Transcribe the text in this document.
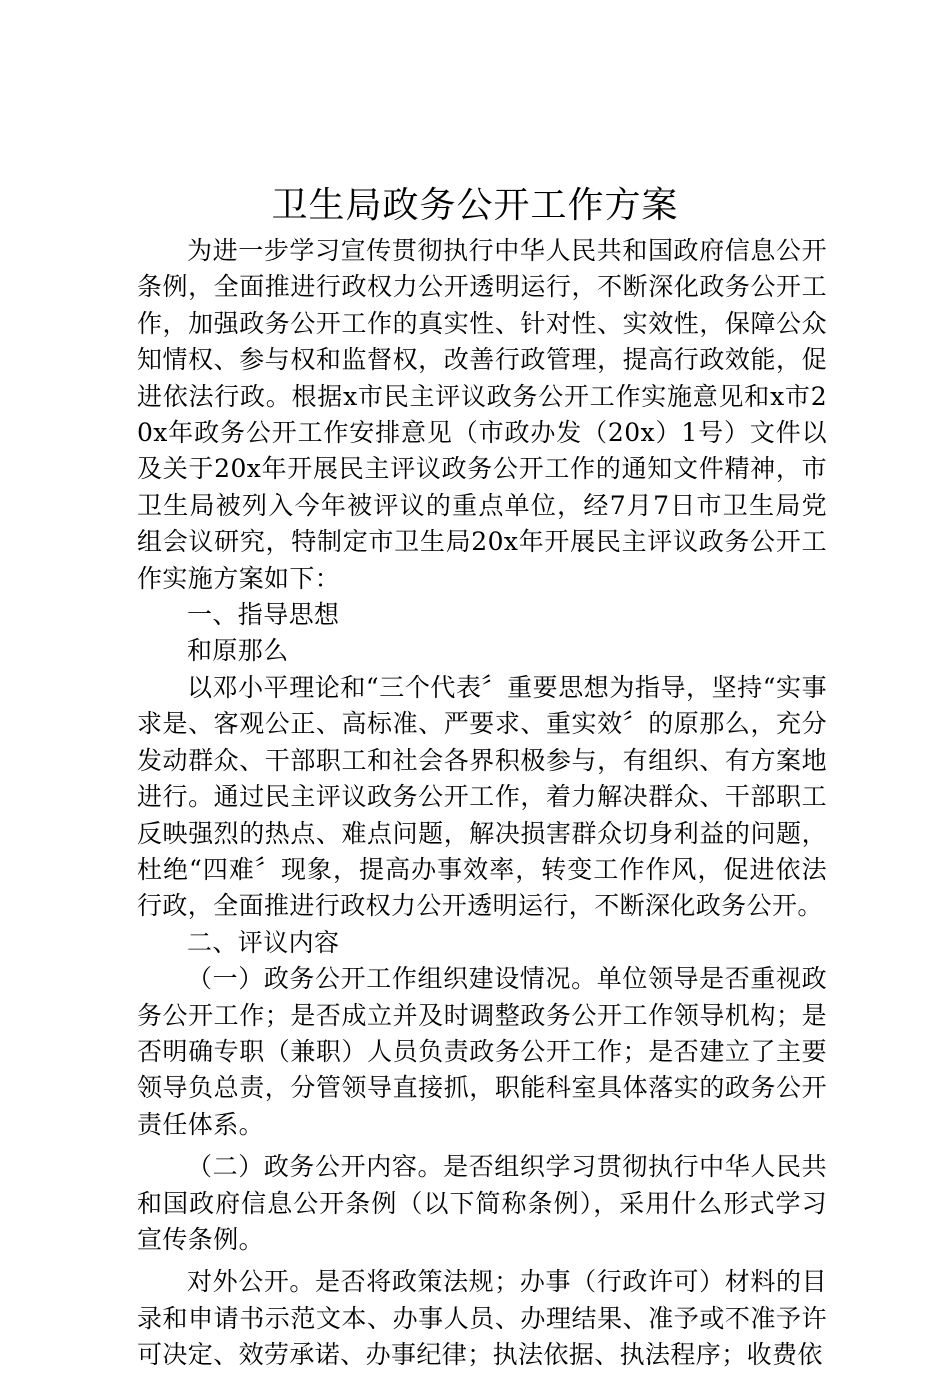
卫生局政务公开工作方案

为进一步学习宣传贯彻执行中华人民共和国政府信息公开条例，全面推进行政权力公开透明运行，不断深化政务公开工作，加强政务公开工作的真实性、针对性、实效性，保障公众知情权、参与权和监督权，改善行政管理，提高行政效能，促进依法行政。根据x市民主评议政务公开工作实施意见和x市20x年政务公开工作安排意见（市政办发（20x）1号）文件以及关于20x年开展民主评议政务公开工作的通知文件精神，市卫生局被列入今年被评议的重点单位，经7月7日市卫生局党组会议研究，特制定市卫生局20x年开展民主评议政务公开工作实施方案如下：

一、指导思想

和原那么

以邓小平理论和“三个代表〞重要思想为指导，坚持“实事求是、客观公正、高标准、严要求、重实效〞的原那么，充分发动群众、干部职工和社会各界积极参与，有组织、有方案地进行。通过民主评议政务公开工作，着力解决群众、干部职工反映强烈的热点、难点问题，解决损害群众切身利益的问题，杜绝“四难〞现象，提高办事效率，转变工作作风，促进依法行政，全面推进行政权力公开透明运行，不断深化政务公开。

二、评议内容

（一）政务公开工作组织建设情况。单位领导是否重视政务公开工作；是否成立并及时调整政务公开工作领导机构；是否明确专职（兼职）人员负责政务公开工作；是否建立了主要领导负总责，分管领导直接抓，职能科室具体落实的政务公开责任体系。

（二）政务公开内容。是否组织学习贯彻执行中华人民共和国政府信息公开条例（以下简称条例），采用什么形式学习宣传条例。

对外公开。是否将政策法规；办事（行政许可）材料的目录和申请书示范文本、办事人员、办理结果、准予或不准予许可决定、效劳承诺、办事纪律；执法依据、执法程序；收费依
